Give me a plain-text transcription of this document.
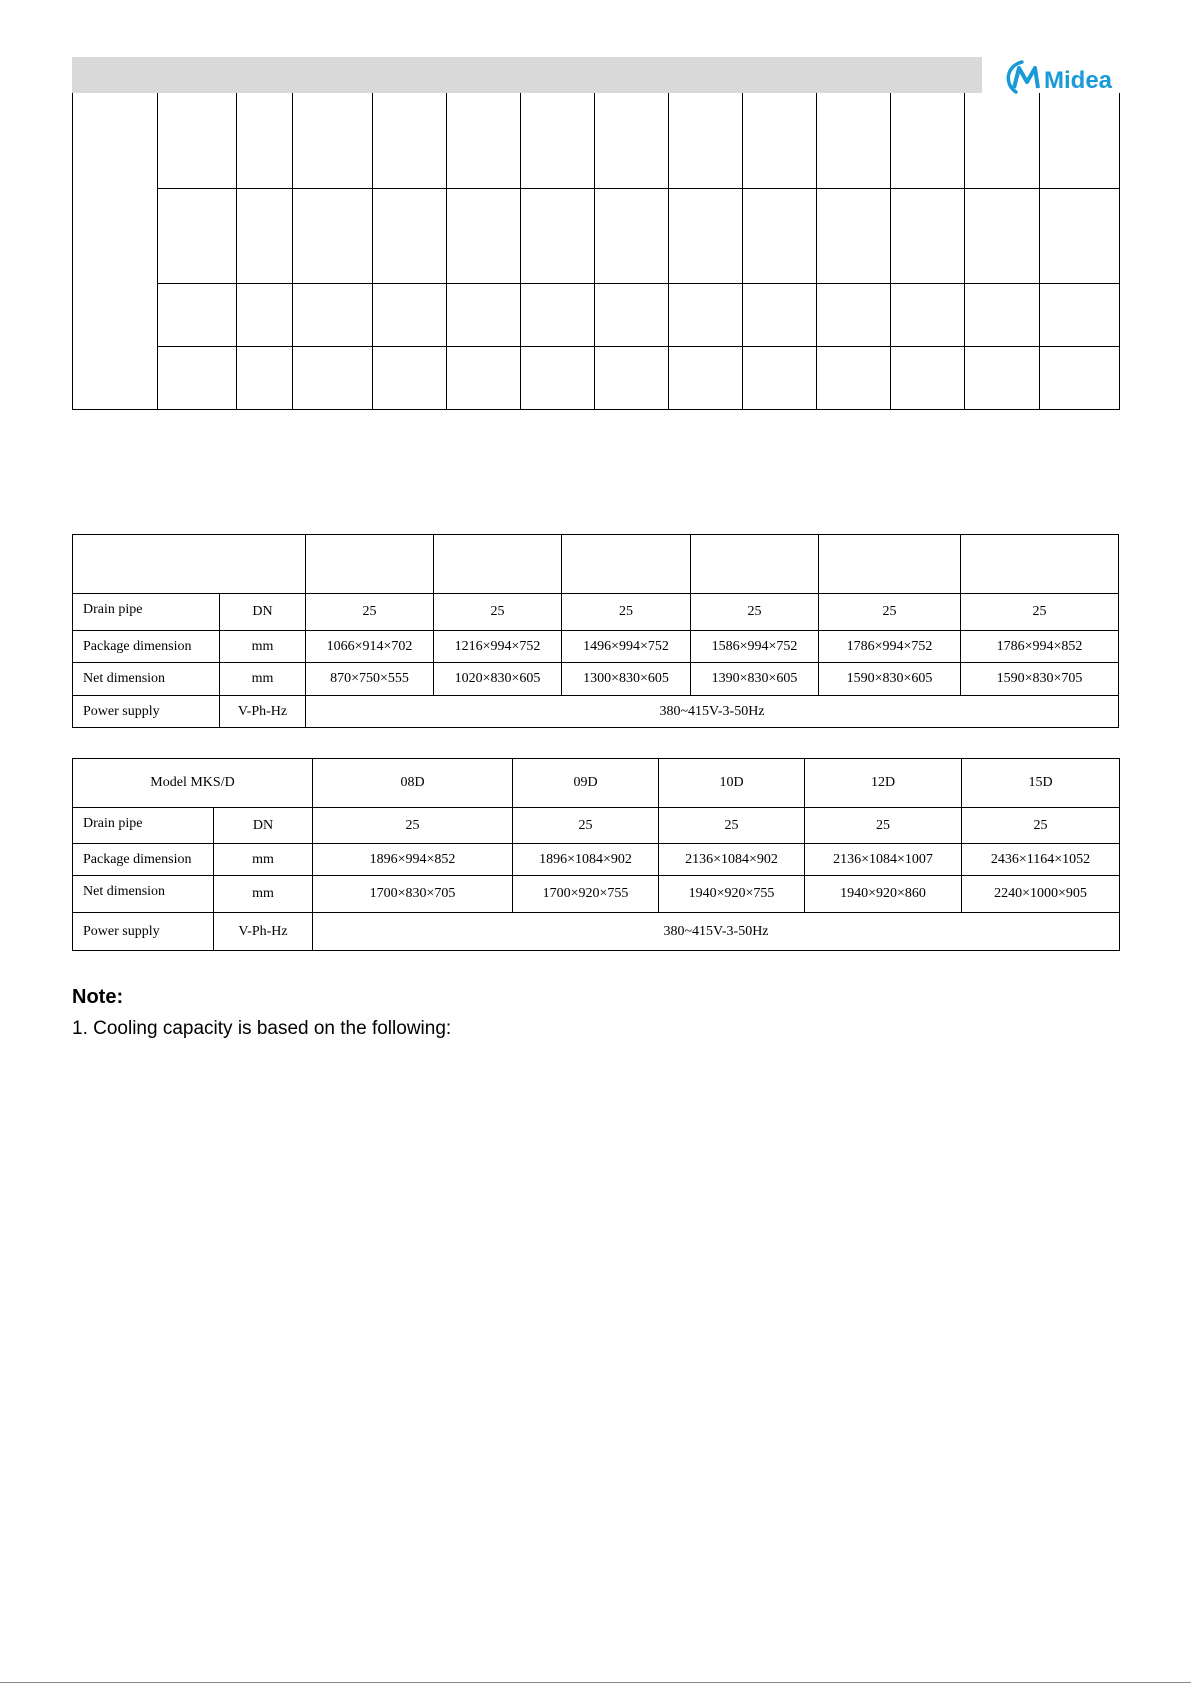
Midea

Drain pipe	DN	25	25	25	25	25	25
Package dimension	mm	1066×914×702	1216×994×752	1496×994×752	1586×994×752	1786×994×752	1786×994×852
Net dimension	mm	870×750×555	1020×830×605	1300×830×605	1390×830×605	1590×830×605	1590×830×705
Power supply	V-Ph-Hz	380~415V-3-50Hz					
Model MKS/D		08D	09D	10D	12D	15D
Drain pipe	DN	25	25	25	25	25
Package dimension	mm	1896×994×852	1896×1084×902	2136×1084×902	2136×1084×1007	2436×1164×1052
Net dimension	mm	1700×830×705	1700×920×755	1940×920×755	1940×920×860	2240×1000×905
Power supply	V-Ph-Hz	380~415V-3-50Hz				
Note:
1. Cooling capacity is based on the following:
